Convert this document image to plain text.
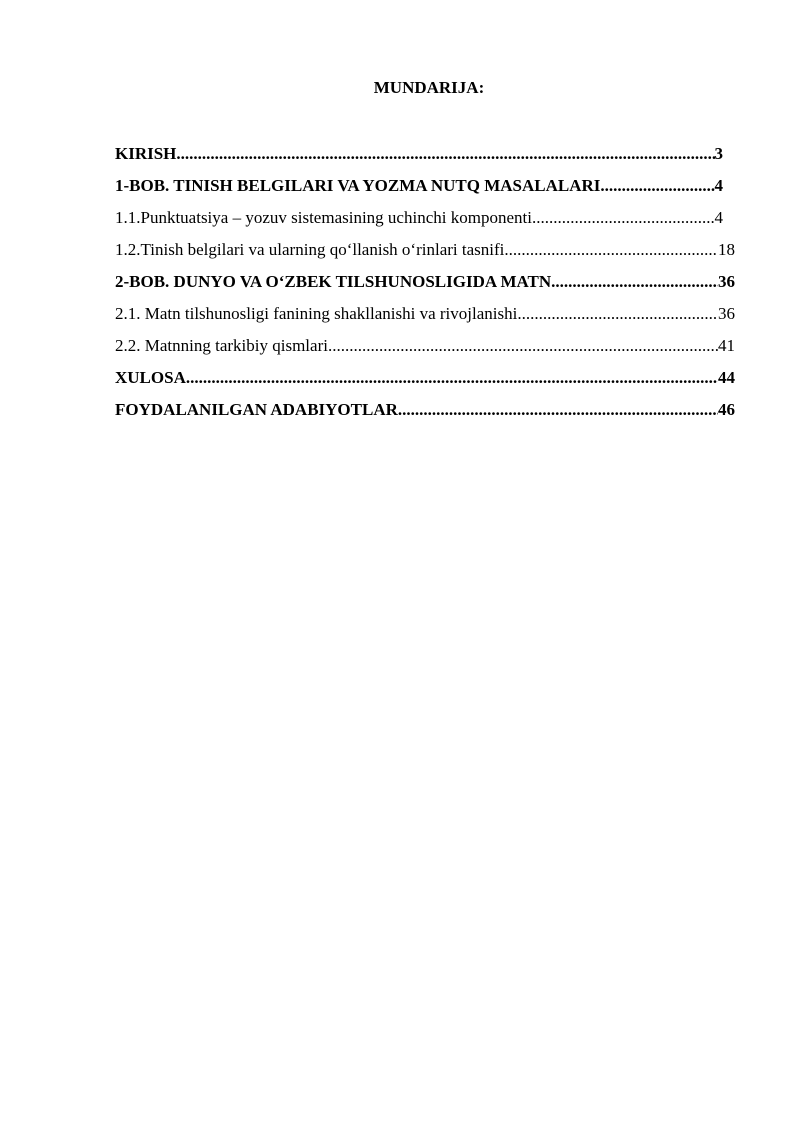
MUNDARIJA:
KIRISH .....	3
1-BOB. TINISH BELGILARI VA YOZMA NUTQ MASALALARI .....	4
1.1.Punktuatsiya – yozuv sistemasining uchinchi komponenti .....	4
1.2.Tinish belgilari va ularning qo‘llanish o‘rinlari tasnifi .....	18
2-BOB. DUNYO VA O‘ZBEK TILSHUNOSLIGIDA MATN .....	36
2.1. Matn tilshunosligi fanining shakllanishi va rivojlanishi .....	36
2.2. Matnning tarkibiy qismlari .....	41
XULOSA .....	44
FOYDALANILGAN ADABIYOTLAR .....	46
